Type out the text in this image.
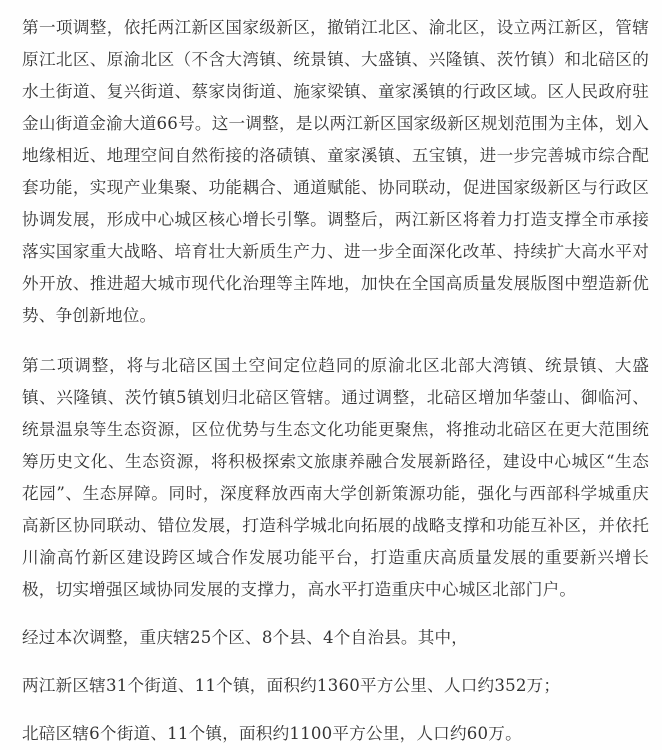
第一项调整，依托两江新区国家级新区，撤销江北区、渝北区，设立两江新区，管辖原江北区、原渝北区（不含大湾镇、统景镇、大盛镇、兴隆镇、茨竹镇）和北碚区的水土街道、复兴街道、蔡家岗街道、施家梁镇、童家溪镇的行政区域。区人民政府驻金山街道金渝大道66号。这一调整，是以两江新区国家级新区规划范围为主体，划入地缘相近、地理空间自然衔接的洛碛镇、童家溪镇、五宝镇，进一步完善城市综合配套功能，实现产业集聚、功能耦合、通道赋能、协同联动，促进国家级新区与行政区协调发展，形成中心城区核心增长引擎。调整后，两江新区将着力打造支撑全市承接落实国家重大战略、培育壮大新质生产力、进一步全面深化改革、持续扩大高水平对外开放、推进超大城市现代化治理等主阵地，加快在全国高质量发展版图中塑造新优势、争创新地位。

第二项调整，将与北碚区国土空间定位趋同的原渝北区北部大湾镇、统景镇、大盛镇、兴隆镇、茨竹镇5镇划归北碚区管辖。通过调整，北碚区增加华蓥山、御临河、统景温泉等生态资源，区位优势与生态文化功能更聚焦，将推动北碚区在更大范围统筹历史文化、生态资源，将积极探索文旅康养融合发展新路径，建设中心城区“生态花园”、生态屏障。同时，深度释放西南大学创新策源功能，强化与西部科学城重庆高新区协同联动、错位发展，打造科学城北向拓展的战略支撑和功能互补区，并依托川渝高竹新区建设跨区域合作发展功能平台，打造重庆高质量发展的重要新兴增长极，切实增强区域协同发展的支撑力，高水平打造重庆中心城区北部门户。

经过本次调整，重庆辖25个区、8个县、4个自治县。其中，

两江新区辖31个街道、11个镇，面积约1360平方公里、人口约352万；

北碚区辖6个街道、11个镇，面积约1100平方公里，人口约60万。
